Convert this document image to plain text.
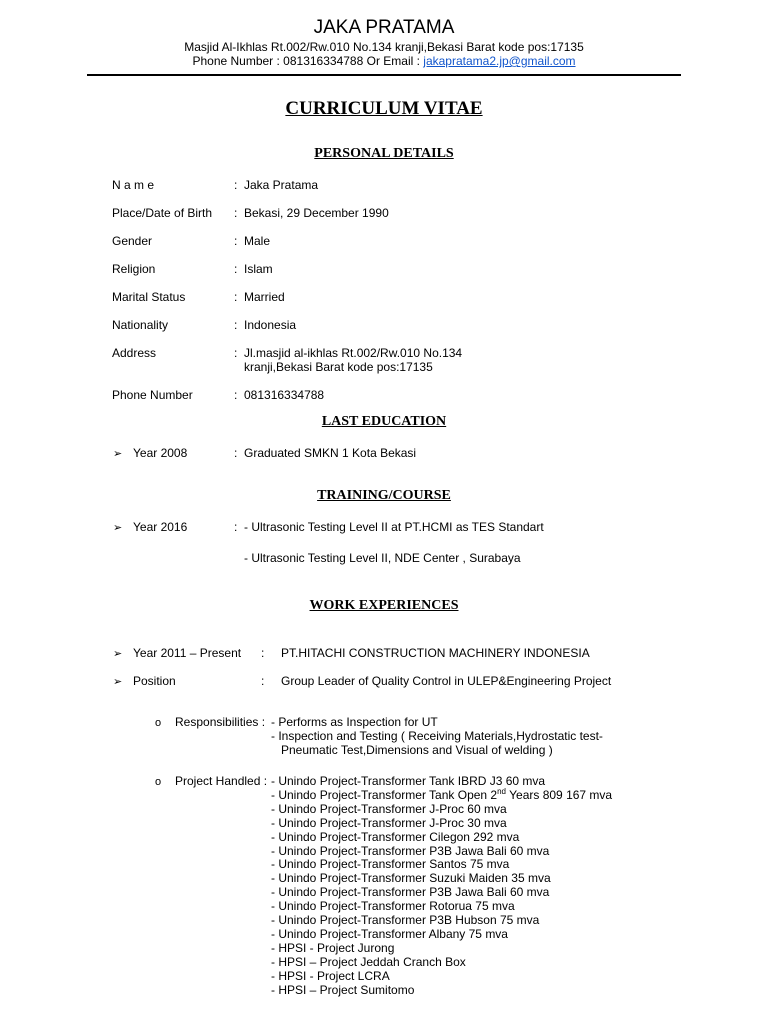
JAKA PRATAMA
Masjid Al-Ikhlas Rt.002/Rw.010 No.134 kranji,Bekasi Barat kode pos:17135
Phone Number : 081316334788 Or Email : jakapratama2.jp@gmail.com
CURRICULUM VITAE
PERSONAL DETAILS
N a m e	: Jaka Pratama
Place/Date of Birth : Bekasi, 29 December 1990
Gender	: Male
Religion	: Islam
Marital Status	: Married
Nationality	: Indonesia
Address	: Jl.masjid al-ikhlas Rt.002/Rw.010 No.134
kranji,Bekasi Barat kode pos:17135
Phone Number	: 081316334788
LAST EDUCATION
➢ Year 2008	: Graduated SMKN 1 Kota Bekasi
TRAINING/COURSE
➢ Year 2016	: - Ultrasonic Testing Level II at PT.HCMI as TES Standart
- Ultrasonic Testing Level II, NDE Center , Surabaya
WORK EXPERIENCES
➢ Year 2011 – Present : PT.HITACHI CONSTRUCTION MACHINERY INDONESIA
➢ Position	: Group Leader of Quality Control in ULEP&Engineering Project
o Responsibilities : - Performs as Inspection for UT
- Inspection and Testing ( Receiving Materials,Hydrostatic test-
Pneumatic Test,Dimensions and Visual of welding )
o Project Handled : - Unindo Project-Transformer Tank IBRD J3 60 mva
- Unindo Project-Transformer Tank Open 2nd Years 809 167 mva
- Unindo Project-Transformer J-Proc 60 mva
- Unindo Project-Transformer J-Proc 30 mva
- Unindo Project-Transformer Cilegon 292 mva
- Unindo Project-Transformer P3B Jawa Bali 60 mva
- Unindo Project-Transformer Santos 75 mva
- Unindo Project-Transformer Suzuki Maiden 35 mva
- Unindo Project-Transformer P3B Jawa Bali 60 mva
- Unindo Project-Transformer Rotorua 75 mva
- Unindo Project-Transformer P3B Hubson 75 mva
- Unindo Project-Transformer Albany 75 mva
- HPSI - Project Jurong
- HPSI – Project Jeddah Cranch Box
- HPSI - Project LCRA
- HPSI – Project Sumitomo
